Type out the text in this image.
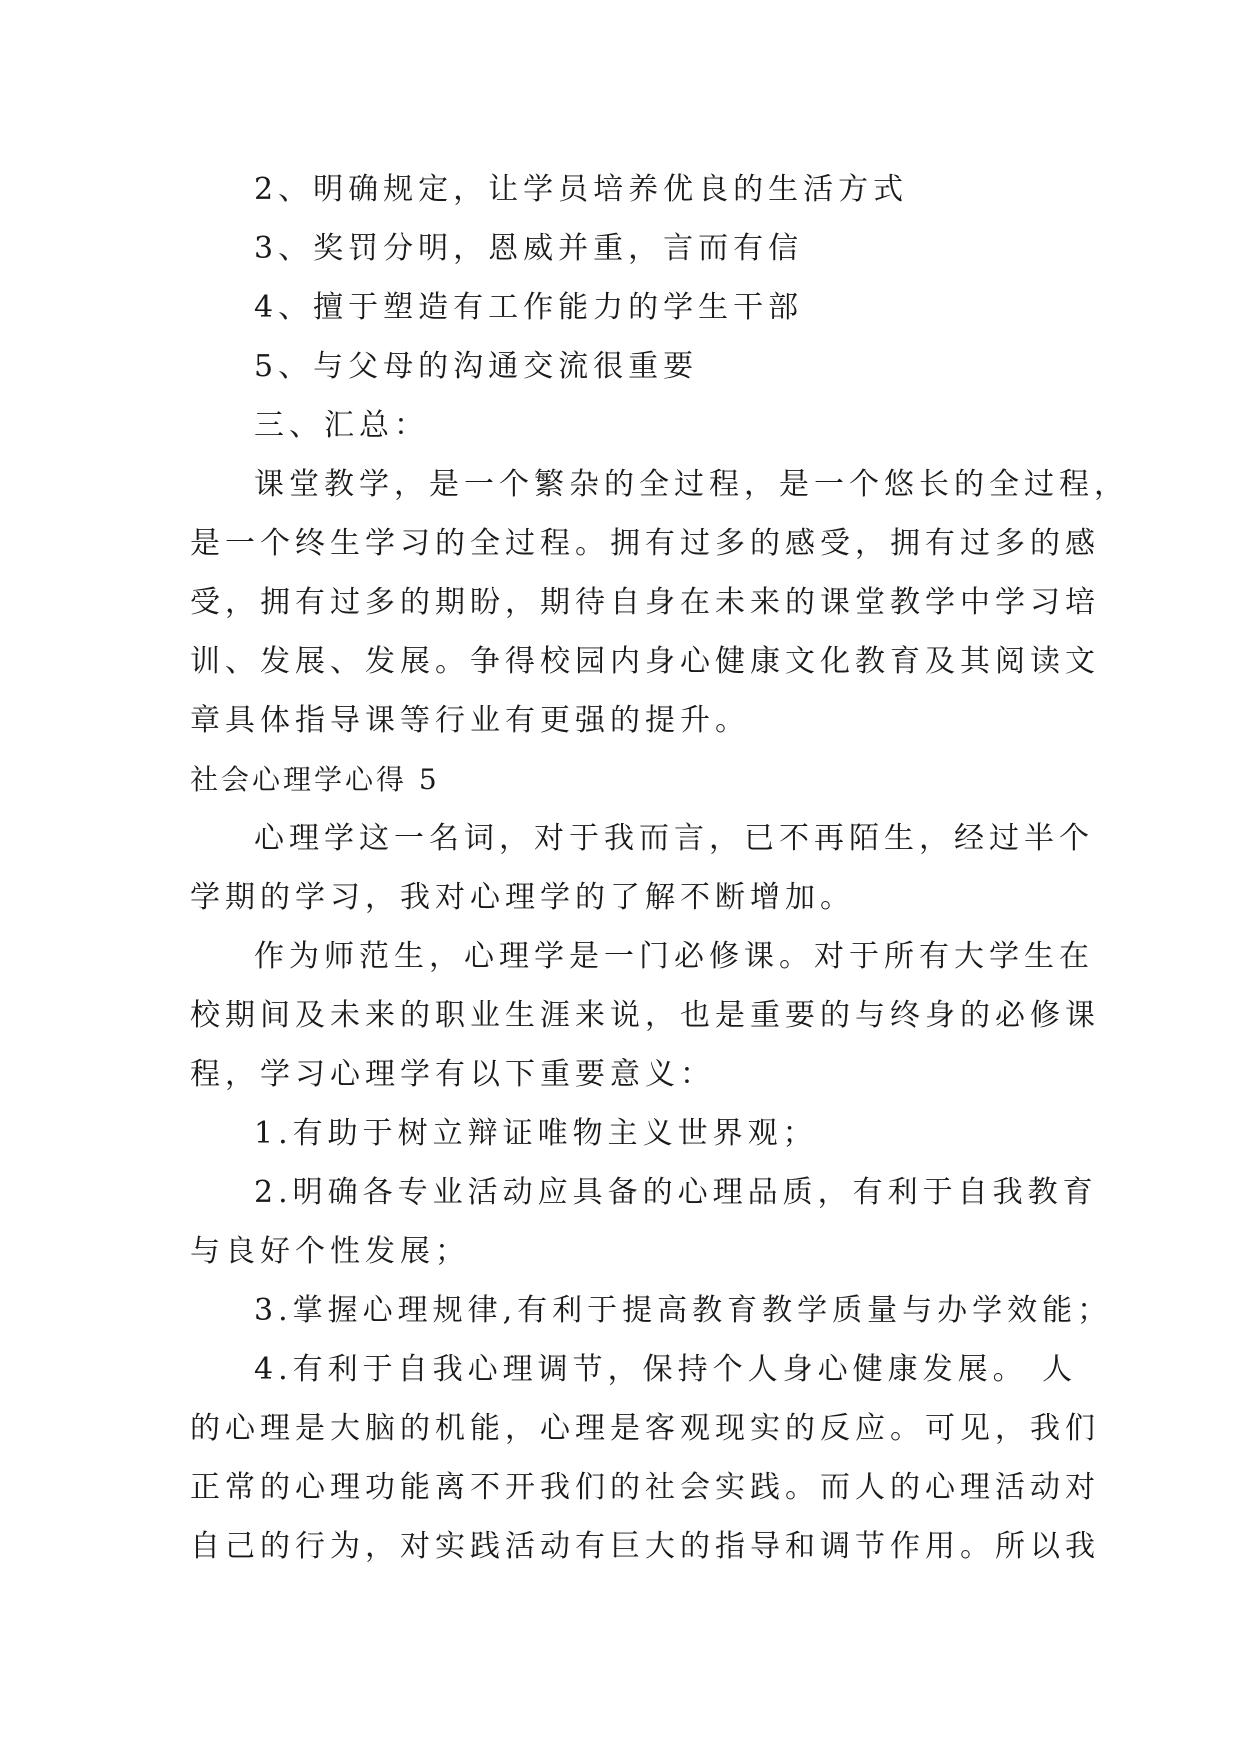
2、明确规定，让学员培养优良的生活方式
3、奖罚分明，恩威并重，言而有信
4、擅于塑造有工作能力的学生干部
5、与父母的沟通交流很重要
三、汇总：
课堂教学，是一个繁杂的全过程，是一个悠长的全过程，
是一个终生学习的全过程。拥有过多的感受，拥有过多的感
受，拥有过多的期盼，期待自身在未来的课堂教学中学习培
训、发展、发展。争得校园内身心健康文化教育及其阅读文
章具体指导课等行业有更强的提升。
社会心理学心得 5
心理学这一名词，对于我而言，已不再陌生，经过半个
学期的学习，我对心理学的了解不断增加。
作为师范生，心理学是一门必修课。对于所有大学生在
校期间及未来的职业生涯来说，也是重要的与终身的必修课
程，学习心理学有以下重要意义：
1.有助于树立辩证唯物主义世界观；
2.明确各专业活动应具备的心理品质，有利于自我教育
与良好个性发展；
3.掌握心理规律,有利于提高教育教学质量与办学效能；
4.有利于自我心理调节，保持个人身心健康发展。 人
的心理是大脑的机能，心理是客观现实的反应。可见，我们
正常的心理功能离不开我们的社会实践。而人的心理活动对
自己的行为，对实践活动有巨大的指导和调节作用。所以我
